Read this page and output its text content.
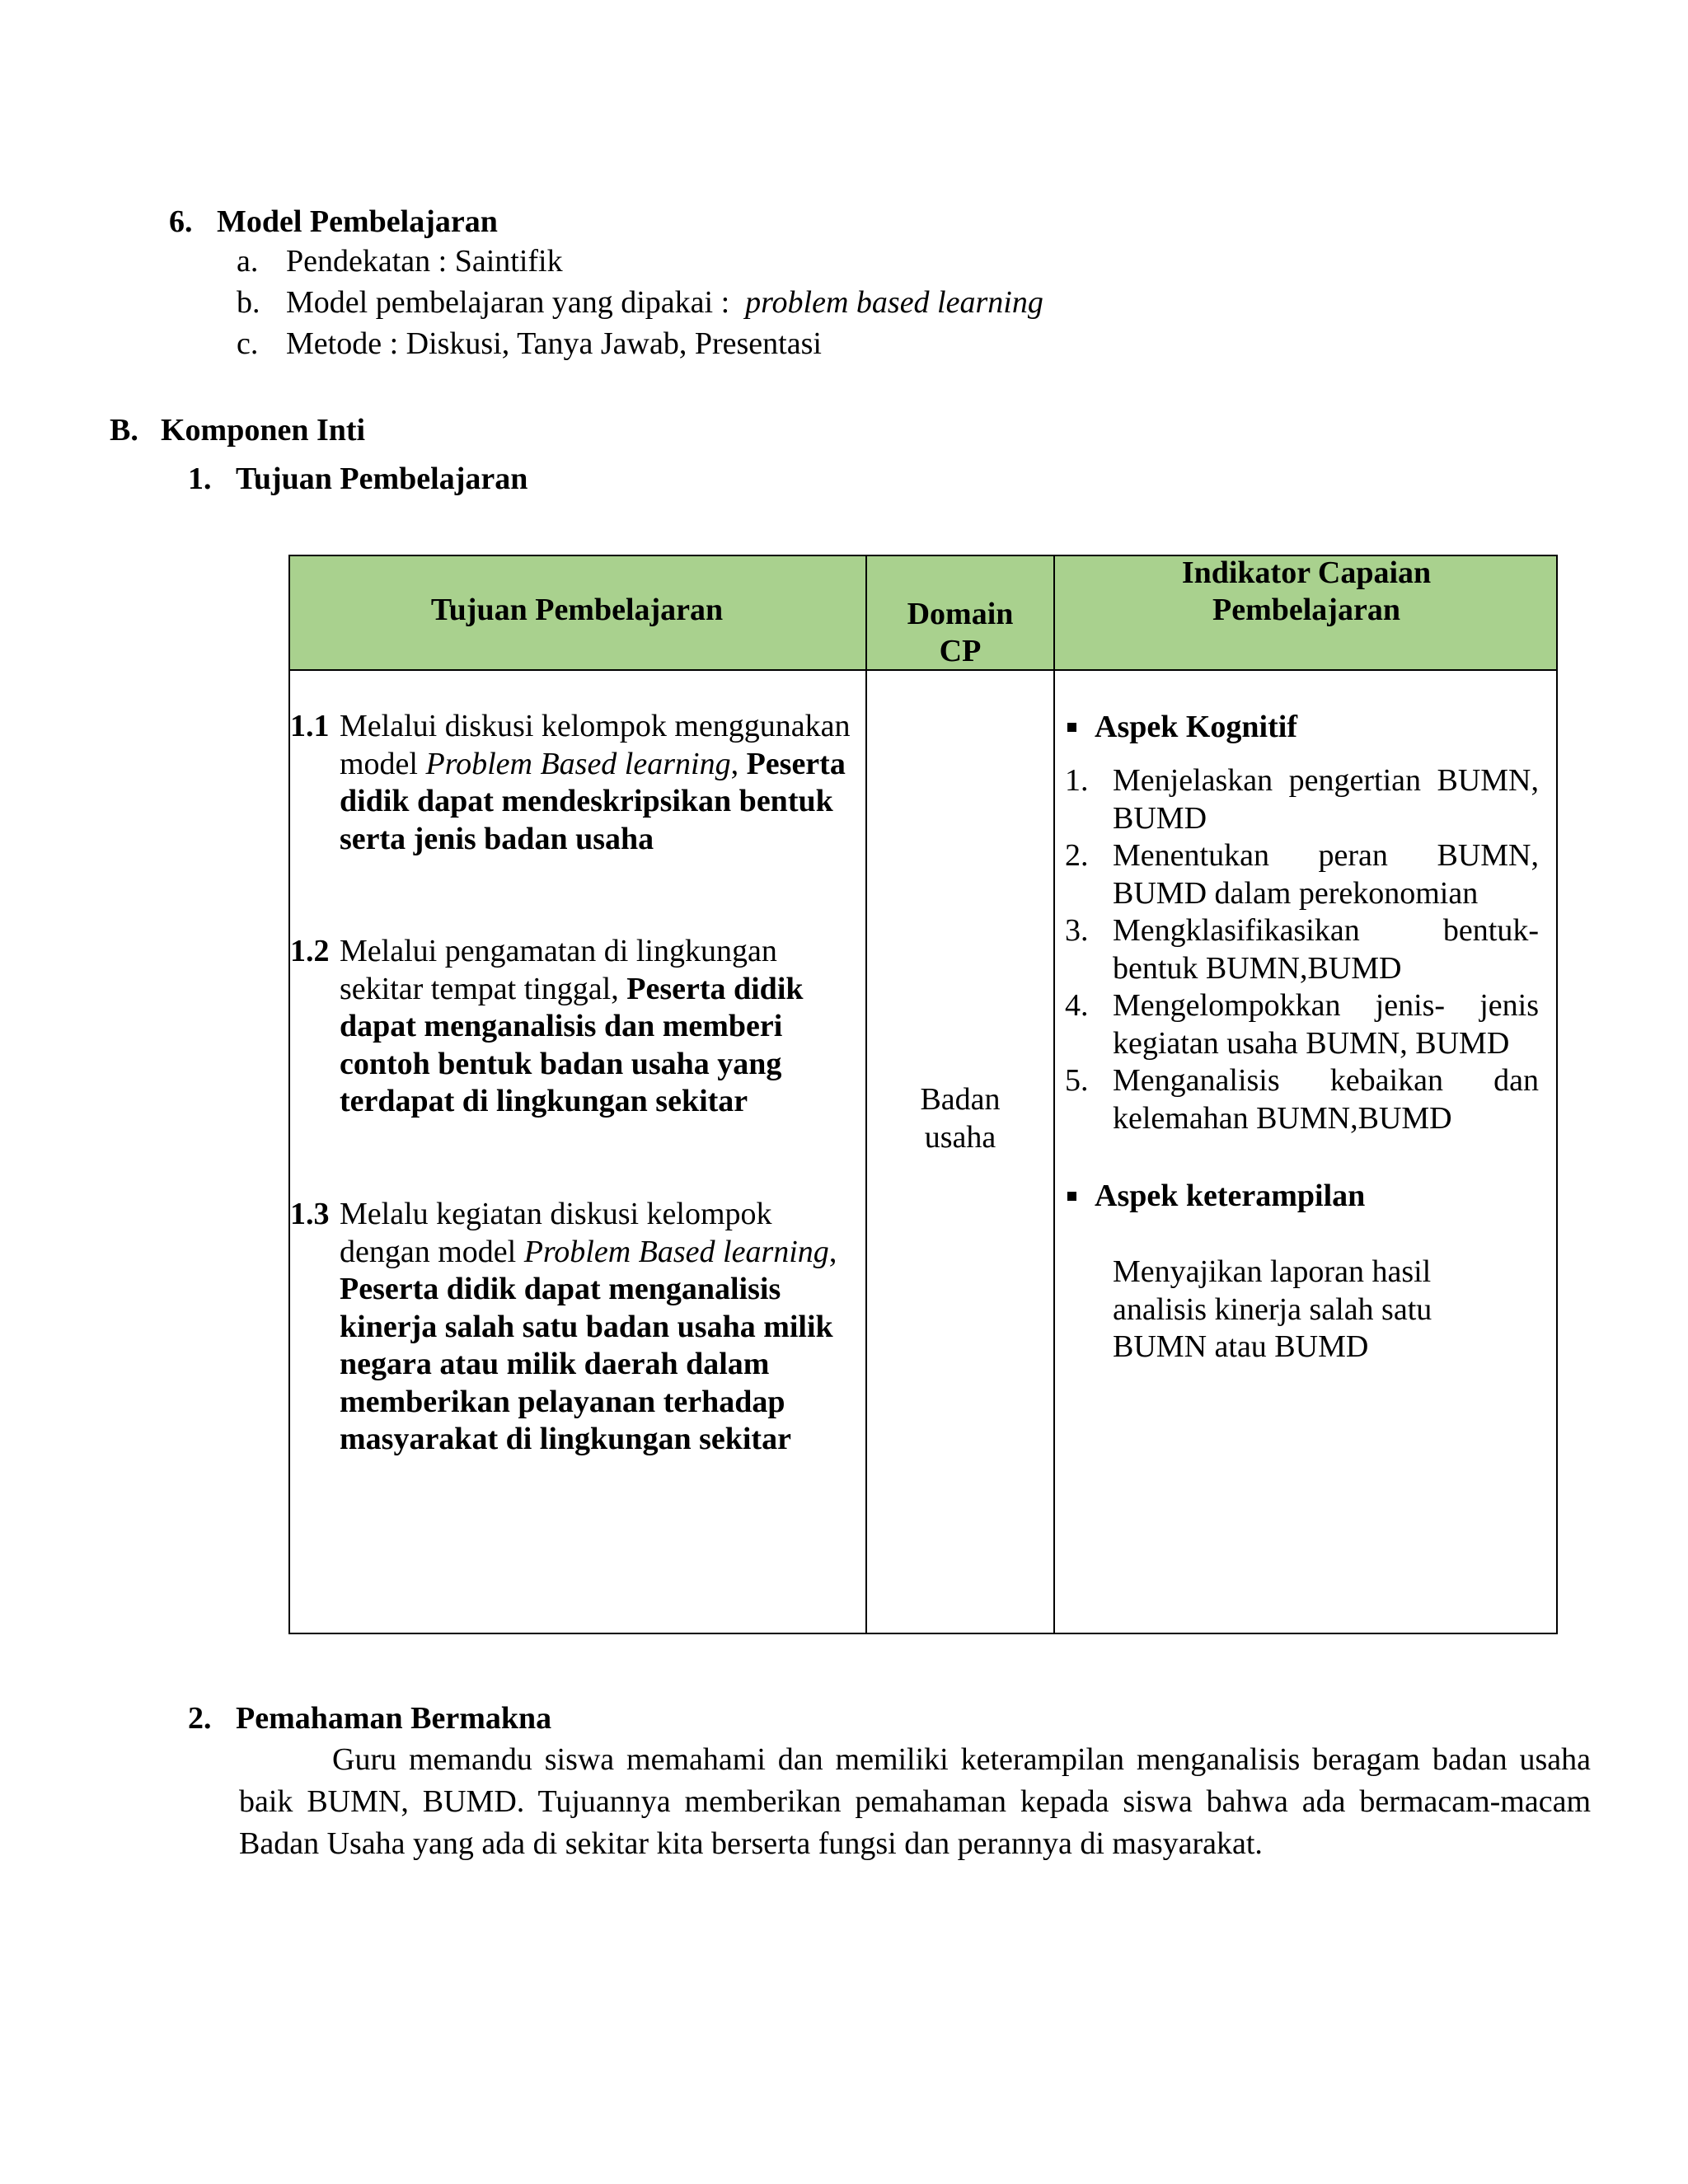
6. Model Pembelajaran
a. Pendekatan : Saintifik
b. Model pembelajaran yang dipakai : problem based learning
c. Metode : Diskusi, Tanya Jawab, Presentasi
B. Komponen Inti
1. Tujuan Pembelajaran
Tujuan Pembelajaran	Domain
CP
Indikator Capaian
Pembelajaran
1.1 Melalui diskusi kelompok menggunakan model Problem Based learning, Peserta didik dapat mendeskripsikan bentuk serta jenis badan usaha
1.2 Melalui pengamatan di lingkungan sekitar tempat tinggal, Peserta didik dapat menganalisis dan memberi contoh bentuk badan usaha yang terdapat di lingkungan sekitar
1.3 Melalu kegiatan diskusi kelompok dengan model Problem Based learning, Peserta didik dapat menganalisis kinerja salah satu badan usaha milik negara atau milik daerah dalam memberikan pelayanan terhadap masyarakat di lingkungan sekitar
Badan
usaha
Aspek Kognitif
1. Menjelaskan pengertian BUMN, BUMD
2. Menentukan peran BUMN, BUMD dalam perekonomian
3. Mengklasifikasikan bentuk-bentuk BUMN,BUMD
4. Mengelompokkan jenis- jenis kegiatan usaha BUMN, BUMD
5. Menganalisis kebaikan dan kelemahan BUMN,BUMD
Aspek keterampilan
Menyajikan laporan hasil analisis kinerja salah satu BUMN atau BUMD
2. Pemahaman Bermakna
Guru memandu siswa memahami dan memiliki keterampilan menganalisis beragam badan usaha baik BUMN, BUMD. Tujuannya memberikan pemahaman kepada siswa bahwa ada bermacam-macam Badan Usaha yang ada di sekitar kita berserta fungsi dan perannya di masyarakat.
